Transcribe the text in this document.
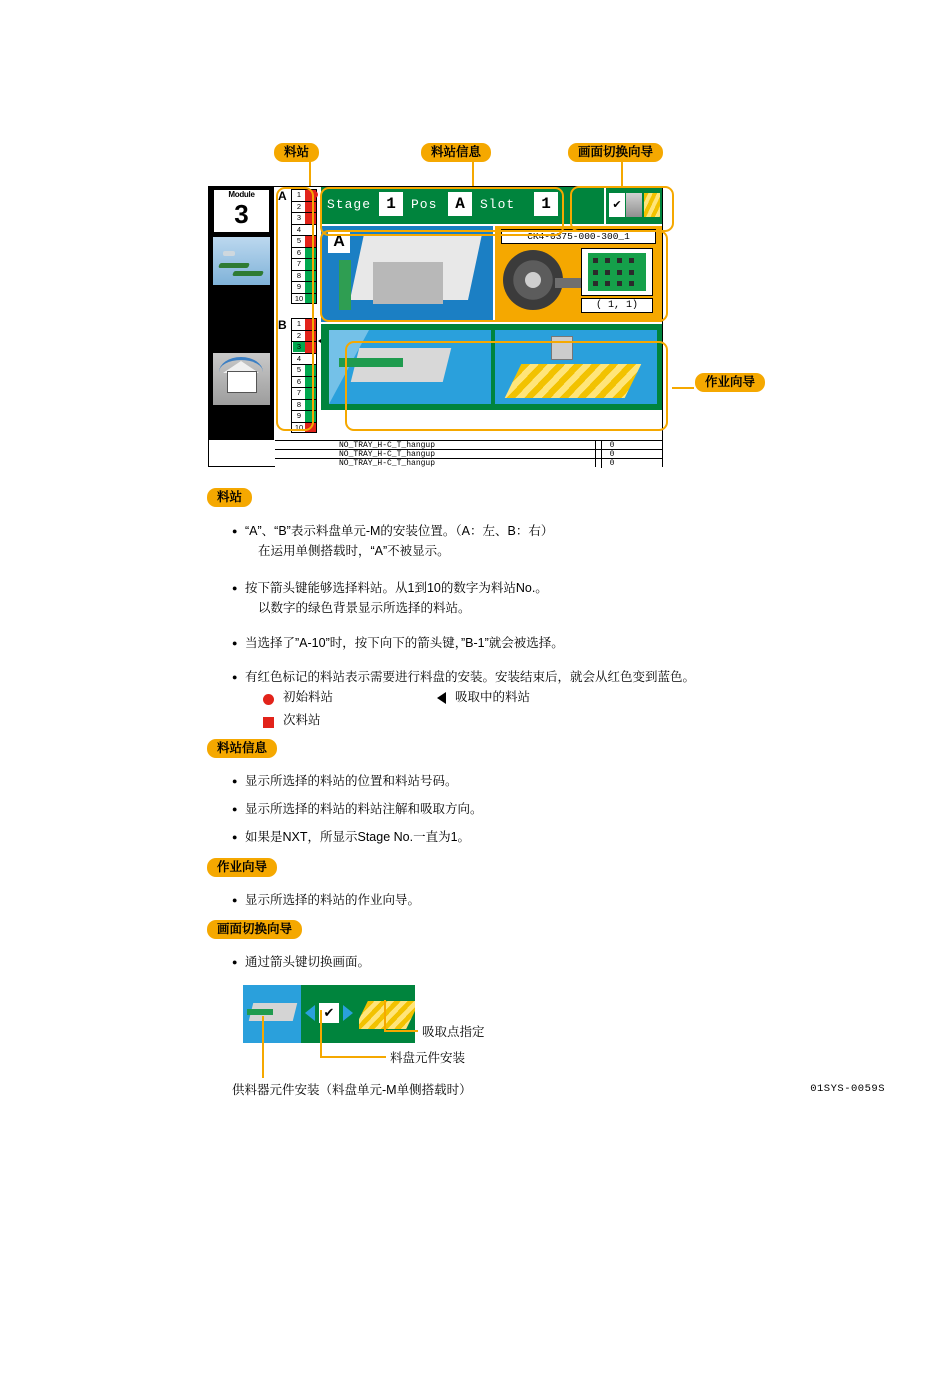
料站	料站信息	画面切换向导
作业向导
Module
3
A	1
2
3
4
5
6
7
8
9
10
B	1
2
3
4
5
6
7
8
9
10
Stage 1	Pos	A	Slot	1	✔
A	CK4-0375-000-300_1
( 1, 1)
NO_TRAY_H-C_T_hangup	0
NO_TRAY_H-C_T_hangup	0
NO_TRAY_H-C_T_hangup	0
料站
● “A”、“B”表示料盘单元-M的安装位置。（A：左、B：右）
在运用单侧搭载时，“A”不被显示。
● 按下箭头键能够选择料站。从1到10的数字为料站No.。
以数字的绿色背景显示所选择的料站。
● 当选择了”A-10”时，按下向下的箭头键，”B-1”就会被选择。
● 有红色标记的料站表示需要进行料盘的安装。安装结束后，就会从红色变到蓝色。
初始料站
次料站
吸取中的料站
料站信息
● 显示所选择的料站的位置和料站号码。
● 显示所选择的料站的料站注解和吸取方向。
● 如果是NXT，所显示Stage No.一直为1。
作业向导
● 显示所选择的料站的作业向导。
画面切换向导
● 通过箭头键切换画面。
✔
吸取点指定
料盘元件安装
供料器元件安装（料盘单元-M单侧搭载时）	01SYS-0059S
